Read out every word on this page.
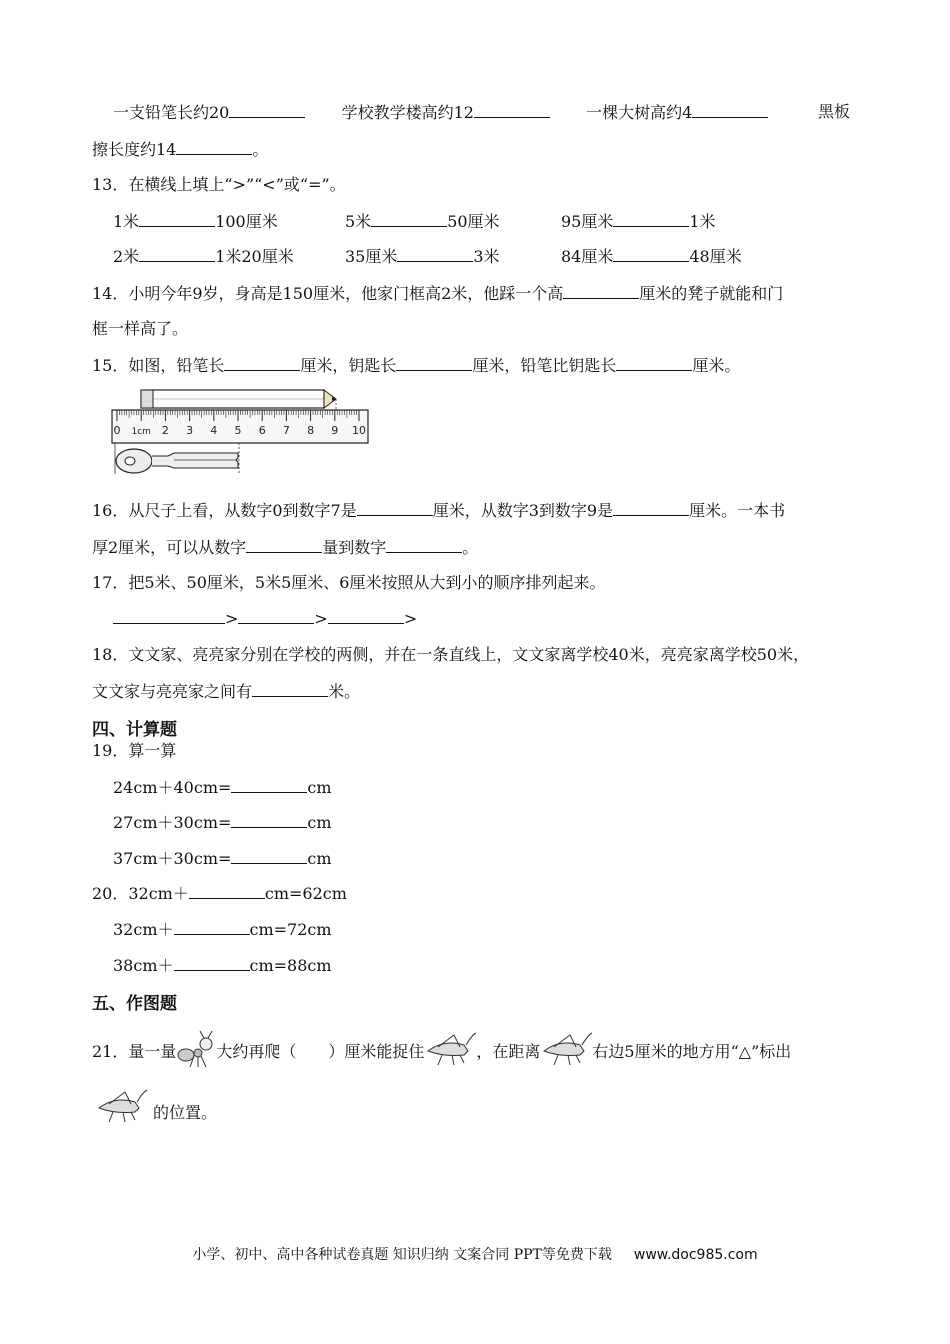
一支铅笔长约20	学校教学楼高约12	一棵大树高约4	黑板
擦长度约14	。
13．在横线上填上“>”“<”或“=”。
1米	100厘米	5米	50厘米	95厘米	1米
2米	1米20厘米	35厘米	3米	84厘米	48厘米
14．小明今年9岁，身高是150厘米，他家门框高2米，他踩一个高	厘米的凳子就能和门
框一样高了。
15．如图，铅笔长	厘米，钥匙长	厘米，铅笔比钥匙长	厘米。
0 1cm 2 3 4 5 6 7 8 9 10
16．从尺子上看，从数字0到数字7是	厘米，从数字3到数字9是	厘米。一本书
厚2厘米，可以从数字	量到数字	。
17．把5米、50厘米，5米5厘米、6厘米按照从大到小的顺序排列起来。
>	>	>
18．文文家、亮亮家分别在学校的两侧，并在一条直线上，文文家离学校40米，亮亮家离学校50米，
文文家与亮亮家之间有	米。
四、计算题
19．算一算
24cm＋40cm=	cm
27cm＋30cm=	cm
37cm＋30cm=	cm
20．32cm＋	cm=62cm
32cm＋	cm=72cm
38cm＋	cm=88cm
五、作图题
21．量一量	大约再爬（　　）厘米能捉住	，在距离	右边5厘米的地方用“△”标出
的位置。
小学、初中、高中各种试卷真题 知识归纳 文案合同 PPT等免费下载 www.doc985.com
